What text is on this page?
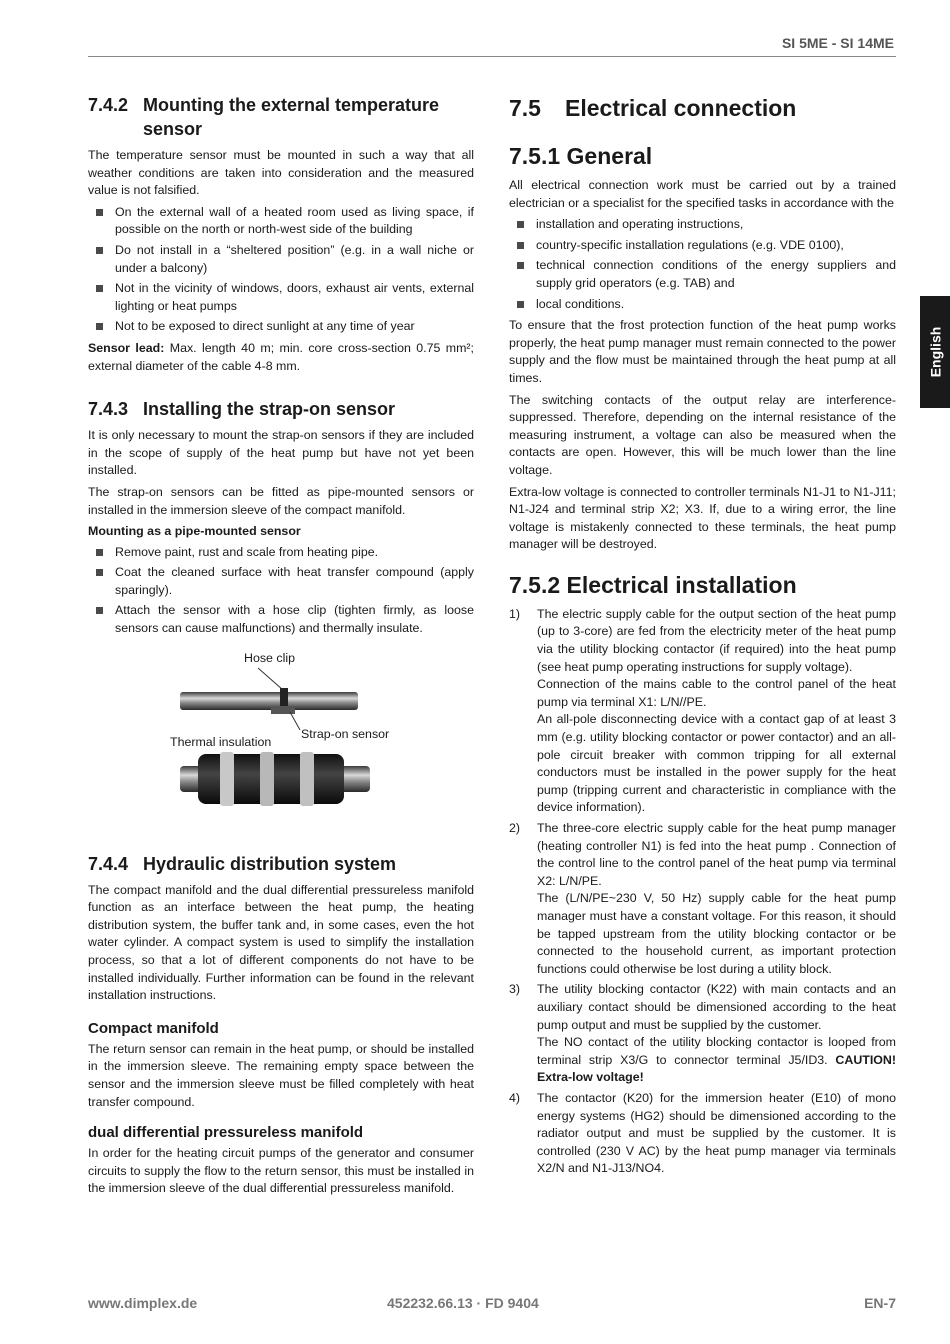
SI 5ME - SI 14ME
7.4.2 Mounting the external temperature sensor

The temperature sensor must be mounted in such a way that all weather conditions are taken into consideration and the measured value is not falsified.

On the external wall of a heated room used as living space, if possible on the north or north-west side of the building
Do not install in a “sheltered position” (e.g. in a wall niche or under a balcony)
Not in the vicinity of windows, doors, exhaust air vents, external lighting or heat pumps
Not to be exposed to direct sunlight at any time of year

Sensor lead: Max. length 40 m; min. core cross-section 0.75 mm²; external diameter of the cable 4-8 mm.

7.4.3 Installing the strap-on sensor

It is only necessary to mount the strap-on sensors if they are included in the scope of supply of the heat pump but have not yet been installed.

The strap-on sensors can be fitted as pipe-mounted sensors or installed in the immersion sleeve of the compact manifold.

Mounting as a pipe-mounted sensor
Remove paint, rust and scale from heating pipe.
Coat the cleaned surface with heat transfer compound (apply sparingly).
Attach the sensor with a hose clip (tighten firmly, as loose sensors can cause malfunctions) and thermally insulate.
Hose clip
Strap-on sensor
Thermal insulation
7.4.4 Hydraulic distribution system

The compact manifold and the dual differential pressureless manifold function as an interface between the heat pump, the heating distribution system, the buffer tank and, in some cases, even the hot water cylinder. A compact system is used to simplify the installation process, so that a lot of different components do not have to be installed individually. Further information can be found in the relevant installation instructions.

Compact manifold

The return sensor can remain in the heat pump, or should be installed in the immersion sleeve. The remaining empty space between the sensor and the immersion sleeve must be filled completely with heat transfer compound.

dual differential pressureless manifold

In order for the heating circuit pumps of the generator and consumer circuits to supply the flow to the return sensor, this must be installed in the immersion sleeve of the dual differential pressureless manifold.

7.5	Electrical connection
7.5.1 General

All electrical connection work must be carried out by a trained electrician or a specialist for the specified tasks in accordance with the

installation and operating instructions,
country-specific installation regulations (e.g. VDE 0100),
technical connection conditions of the energy suppliers and supply grid operators (e.g. TAB) and
local conditions.

To ensure that the frost protection function of the heat pump works properly, the heat pump manager must remain connected to the power supply and the flow must be maintained through the heat pump at all times.

The switching contacts of the output relay are interference-suppressed. Therefore, depending on the internal resistance of the measuring instrument, a voltage can also be measured when the contacts are open. However, this will be much lower than the line voltage.

Extra-low voltage is connected to controller terminals N1-J1 to N1-J11; N1-J24 and terminal strip X2; X3. If, due to a wiring error, the line voltage is mistakenly connected to these terminals, the heat pump manager will be destroyed.

7.5.2 Electrical installation
1) The electric supply cable for the output section of the heat pump (up to 3-core) are fed from the electricity meter of the heat pump via the utility blocking contactor (if required) into the heat pump (see heat pump operating instructions for supply voltage).
Connection of the mains cable to the control panel of the heat pump via terminal X1: L/N//PE.
An all-pole disconnecting device with a contact gap of at least 3 mm (e.g. utility blocking contactor or power contactor) and an all-pole circuit breaker with common tripping for all external conductors must be installed in the power supply for the heat pump (tripping current and characteristic in compliance with the device information).
2) The three-core electric supply cable for the heat pump manager (heating controller N1) is fed into the heat pump . Connection of the control line to the control panel of the heat pump via terminal X2: L/N/PE.
The (L/N/PE~230 V, 50 Hz) supply cable for the heat pump manager must have a constant voltage. For this reason, it should be tapped upstream from the utility blocking contactor or be connected to the household current, as important protection functions could otherwise be lost during a utility block.
3) The utility blocking contactor (K22) with main contacts and an auxiliary contact should be dimensioned according to the heat pump output and must be supplied by the customer.
The NO contact of the utility blocking contactor is looped from terminal strip X3/G to connector terminal J5/ID3. CAUTION! Extra-low voltage!
4) The contactor (K20) for the immersion heater (E10) of mono energy systems (HG2) should be dimensioned according to the radiator output and must be supplied by the customer. It is controlled (230 V AC) by the heat pump manager via terminals X2/N and N1-J13/NO4.
English
www.dimplex.de	452232.66.13 · FD 9404	EN-7
